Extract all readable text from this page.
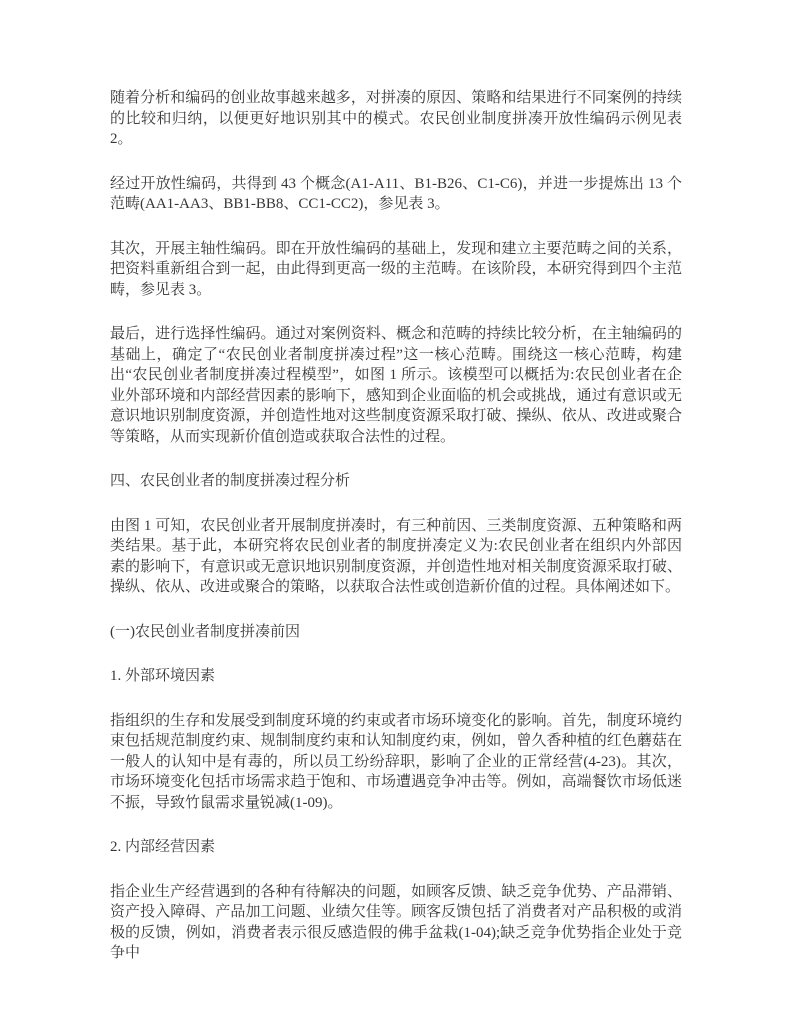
随着分析和编码的创业故事越来越多，对拼凑的原因、策略和结果进行不同案例的持续的比较和归纳，以便更好地识别其中的模式。农民创业制度拼凑开放性编码示例见表 2。

经过开放性编码，共得到 43 个概念(A1-A11、B1-B26、C1-C6)，并进一步提炼出 13 个范畴(AA1-AA3、BB1-BB8、CC1-CC2)，参见表 3。

其次，开展主轴性编码。即在开放性编码的基础上，发现和建立主要范畴之间的关系，把资料重新组合到一起，由此得到更高一级的主范畴。在该阶段，本研究得到四个主范畴，参见表 3。

最后，进行选择性编码。通过对案例资料、概念和范畴的持续比较分析，在主轴编码的基础上，确定了“农民创业者制度拼凑过程”这一核心范畴。围绕这一核心范畴，构建出“农民创业者制度拼凑过程模型”，如图 1 所示。该模型可以概括为:农民创业者在企业外部环境和内部经营因素的影响下，感知到企业面临的机会或挑战，通过有意识或无意识地识别制度资源，并创造性地对这些制度资源采取打破、操纵、依从、改进或聚合等策略，从而实现新价值创造或获取合法性的过程。

四、农民创业者的制度拼凑过程分析

由图 1 可知，农民创业者开展制度拼凑时，有三种前因、三类制度资源、五种策略和两类结果。基于此，本研究将农民创业者的制度拼凑定义为:农民创业者在组织内外部因素的影响下，有意识或无意识地识别制度资源，并创造性地对相关制度资源采取打破、操纵、依从、改进或聚合的策略，以获取合法性或创造新价值的过程。具体阐述如下。

(一)农民创业者制度拼凑前因
1. 外部环境因素

指组织的生存和发展受到制度环境的约束或者市场环境变化的影响。首先，制度环境约束包括规范制度约束、规制制度约束和认知制度约束，例如，曾久香种植的红色蘑菇在一般人的认知中是有毒的，所以员工纷纷辞职，影响了企业的正常经营(4-23)。其次，市场环境变化包括市场需求趋于饱和、市场遭遇竞争冲击等。例如，高端餐饮市场低迷不振，导致竹鼠需求量锐减(1-09)。

2. 内部经营因素

指企业生产经营遇到的各种有待解决的问题，如顾客反馈、缺乏竞争优势、产品滞销、资产投入障碍、产品加工问题、业绩欠佳等。顾客反馈包括了消费者对产品积极的或消极的反馈，例如，消费者表示很反感造假的佛手盆栽(1-04);缺乏竞争优势指企业处于竞争中
